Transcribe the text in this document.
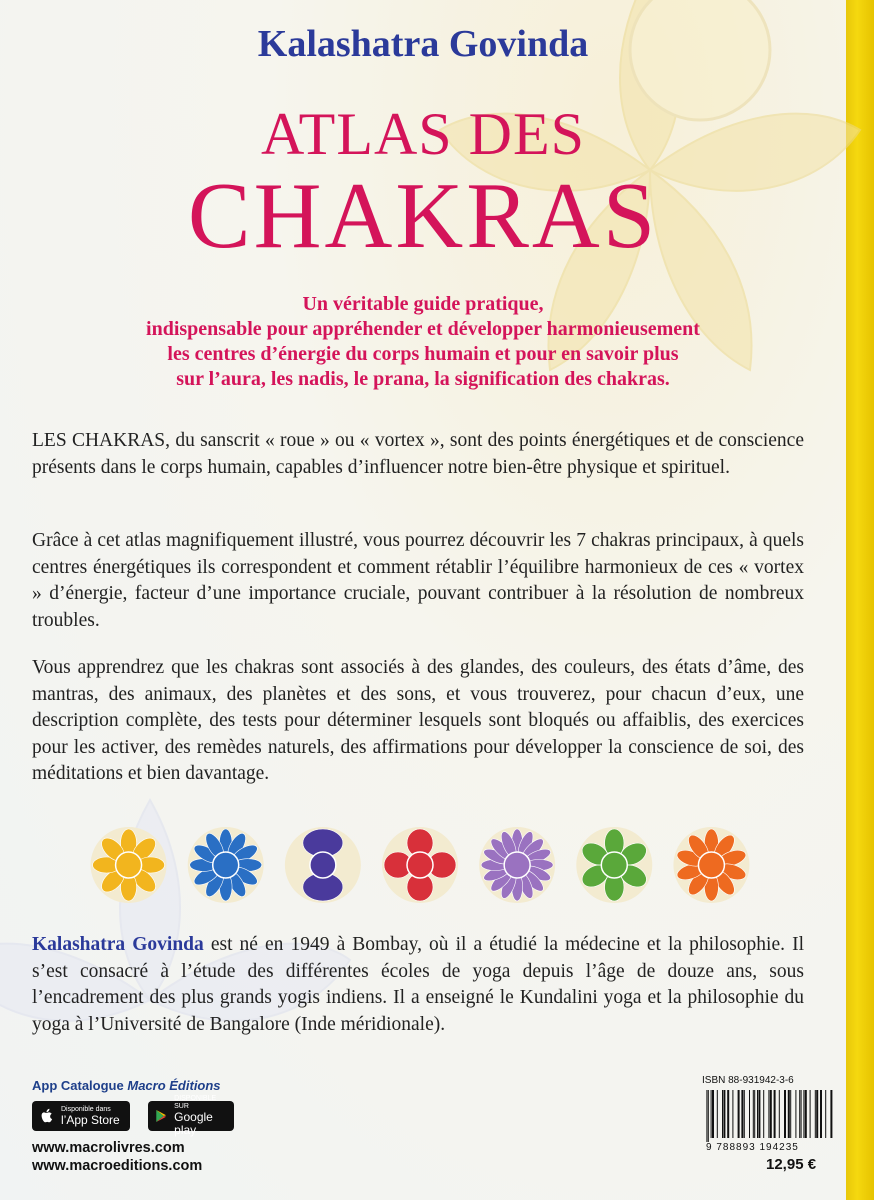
Kalashatra Govinda
ATLAS DES
CHAKRAS
Un véritable guide pratique,
indispensable pour appréhender et développer harmonieusement
les centres d’énergie du corps humain et pour en savoir plus
sur l’aura, les nadis, le prana, la signification des chakras.
LES CHAKRAS, du sanscrit « roue » ou « vortex », sont des points énergétiques et de conscience présents dans le corps humain, capables d’influencer notre bien-être physique et spirituel.
Grâce à cet atlas magnifiquement illustré, vous pourrez découvrir les 7 chakras principaux, à quels centres énergétiques ils correspondent et comment rétablir l’équilibre harmonieux de ces « vortex » d’énergie, facteur d’une importance cruciale, pouvant contribuer à la résolution de nombreux troubles.
Vous apprendrez que les chakras sont associés à des glandes, des couleurs, des états d’âme, des mantras, des animaux, des planètes et des sons, et vous trouverez, pour chacun d’eux, une description complète, des tests pour déterminer lesquels sont bloqués ou affaiblis, des exercices pour les activer, des remèdes naturels, des affirmations pour développer la conscience de soi, des méditations et bien davantage.
Kalashatra Govinda est né en 1949 à Bombay, où il a étudié la médecine et la philosophie. Il s’est consacré à l’étude des différentes écoles de yoga depuis l’âge de douze ans, sous l’encadrement des plus grands yogis indiens. Il a enseigné le Kundalini yoga et la philosophie du yoga à l’Université de Bangalore (Inde méridionale).
App Catalogue Macro Éditions
Disponible dans
l’App Store
DISPONIBLE SUR
Google play
www.macrolivres.com
www.macroeditions.com
ISBN 88-931942-3-6
9 788893 194235
12,95 €
